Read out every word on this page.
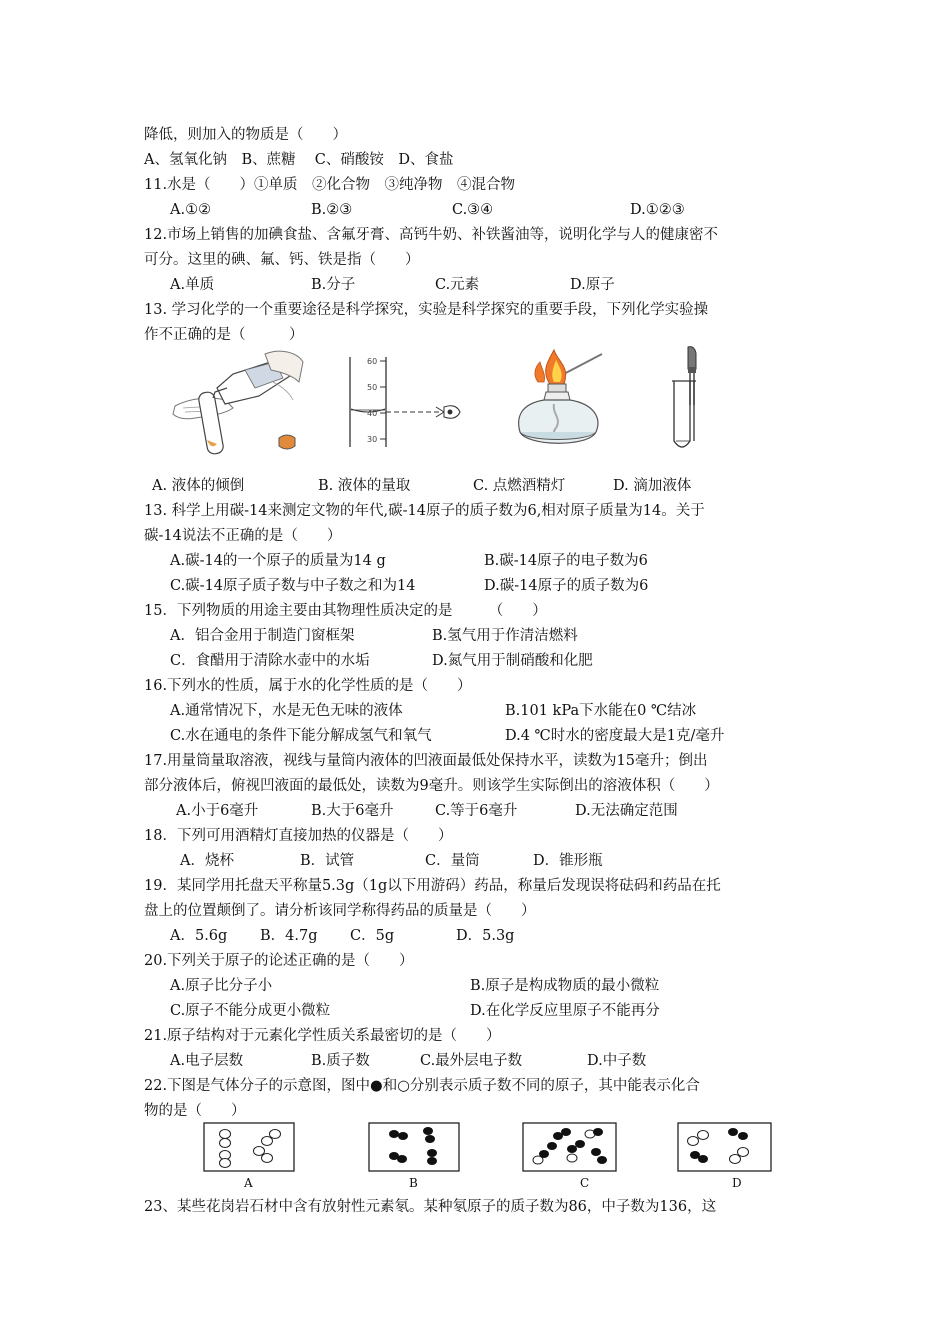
降低，则加入的物质是（　　）
A、氢氧化钠　B、蔗糖　 C、硝酸铵　D、食盐
11.水是（　　）①单质　②化合物　③纯净物　④混合物
A.①②	B.②③	C.③④	D.①②③
12.市场上销售的加碘食盐、含氟牙膏、高钙牛奶、补铁酱油等，说明化学与人的健康密不
可分。这里的碘、氟、钙、铁是指（　　）
A.单质	B.分子	C.元素	D.原子
13. 学习化学的一个重要途径是科学探究，实验是科学探究的重要手段，下列化学实验操
作不正确的是（　　　）
60
50
40
30
A. 液体的倾倒	B. 液体的量取	C. 点燃酒精灯	D. 滴加液体
13. 科学上用碳-14来测定文物的年代,碳-14原子的质子数为6,相对原子质量为14。关于
碳-14说法不正确的是（　　）
A.碳-14的一个原子的质量为14 g	B.碳-14原子的电子数为6
C.碳-14原子质子数与中子数之和为14	D.碳-14原子的质子数为6
15．下列物质的用途主要由其物理性质决定的是　　　（　　）
A．铝合金用于制造门窗框架	B.氢气用于作清洁燃料
C．食醋用于清除水壶中的水垢	D.氮气用于制硝酸和化肥
16.下列水的性质，属于水的化学性质的是（　　）
A.通常情况下，水是无色无味的液体	B.101 kPa下水能在0 ℃结冰
C.水在通电的条件下能分解成氢气和氧气	D.4 ℃时水的密度最大是1克/毫升
17.用量筒量取溶液，视线与量筒内液体的凹液面最低处保持水平，读数为15毫升；倒出
部分液体后，俯视凹液面的最低处，读数为9毫升。则该学生实际倒出的溶液体积（　　）
A.小于6毫升	B.大于6毫升	C.等于6毫升	D.无法确定范围
18．下列可用酒精灯直接加热的仪器是（　　）
A．烧杯	B．试管	C．量筒	D．锥形瓶
19．某同学用托盘天平称量5.3g（1g以下用游码）药品，称量后发现误将砝码和药品在托
盘上的位置颠倒了。请分析该同学称得药品的质量是（　　）
A．5.6g B．4.7g C．5g	D．5.3g
20.下列关于原子的论述正确的是（　　）
A.原子比分子小	B.原子是构成物质的最小微粒
C.原子不能分成更小微粒	D.在化学反应里原子不能再分
21.原子结构对于元素化学性质关系最密切的是（　　）
A.电子层数	B.质子数	C.最外层电子数	D.中子数
22.下图是气体分子的示意图，图中●和○分别表示质子数不同的原子，其中能表示化合
物的是（　　）
A	B	C	D
23、某些花岗岩石材中含有放射性元素氡。某种氡原子的质子数为86，中子数为136，这
